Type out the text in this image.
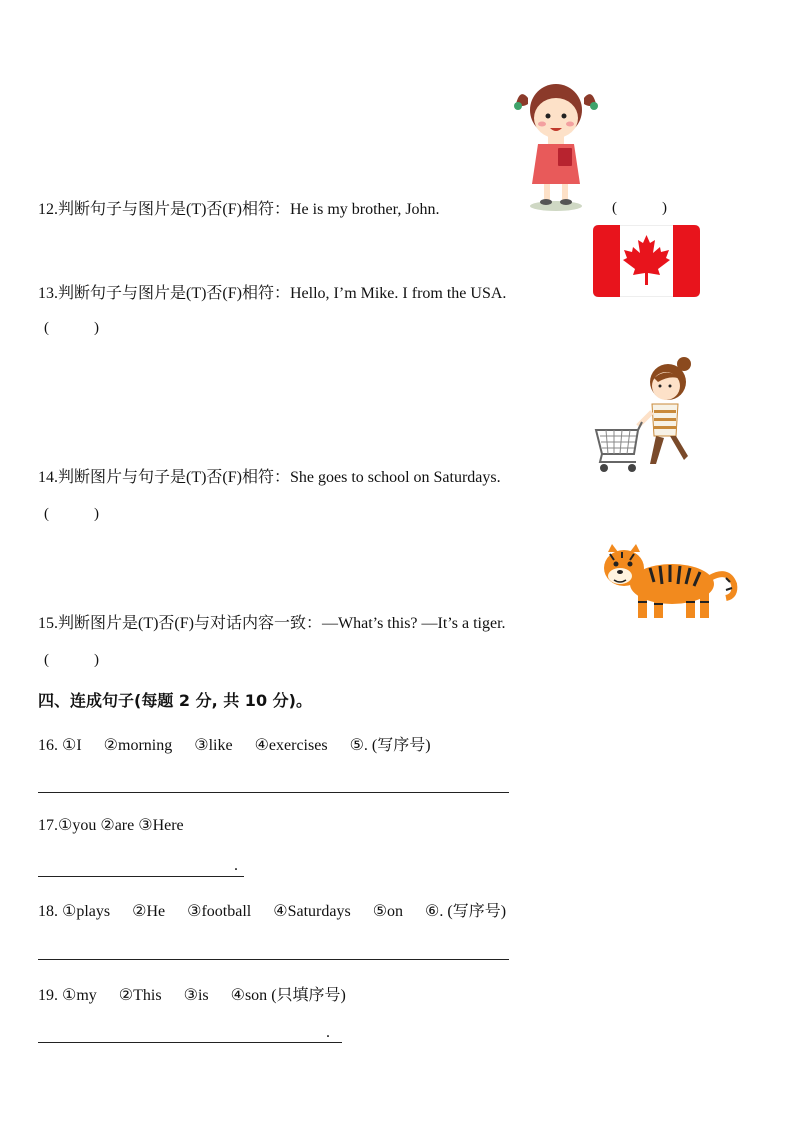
12.判断句子与图片是(T)否(F)相符：He is my brother, John.	(　　　)
13.判断句子与图片是(T)否(F)相符：Hello, I’m Mike. I from the USA.
(　　　)
14.判断图片与句子是(T)否(F)相符：She goes to school on Saturdays.
(　　　)
15.判断图片是(T)否(F)与对话内容一致：—What’s this? —It’s a tiger.
(　　　)
四、连成句子(每题 2 分, 共 10 分)。
16. ①I ②morning ③like ④exercises ⑤. (写序号)
17.①you ②are ③Here
.
18. ①plays ②He ③football ④Saturdays ⑤on ⑥. (写序号)
19. ①my ②This ③is ④son (只填序号)
.
